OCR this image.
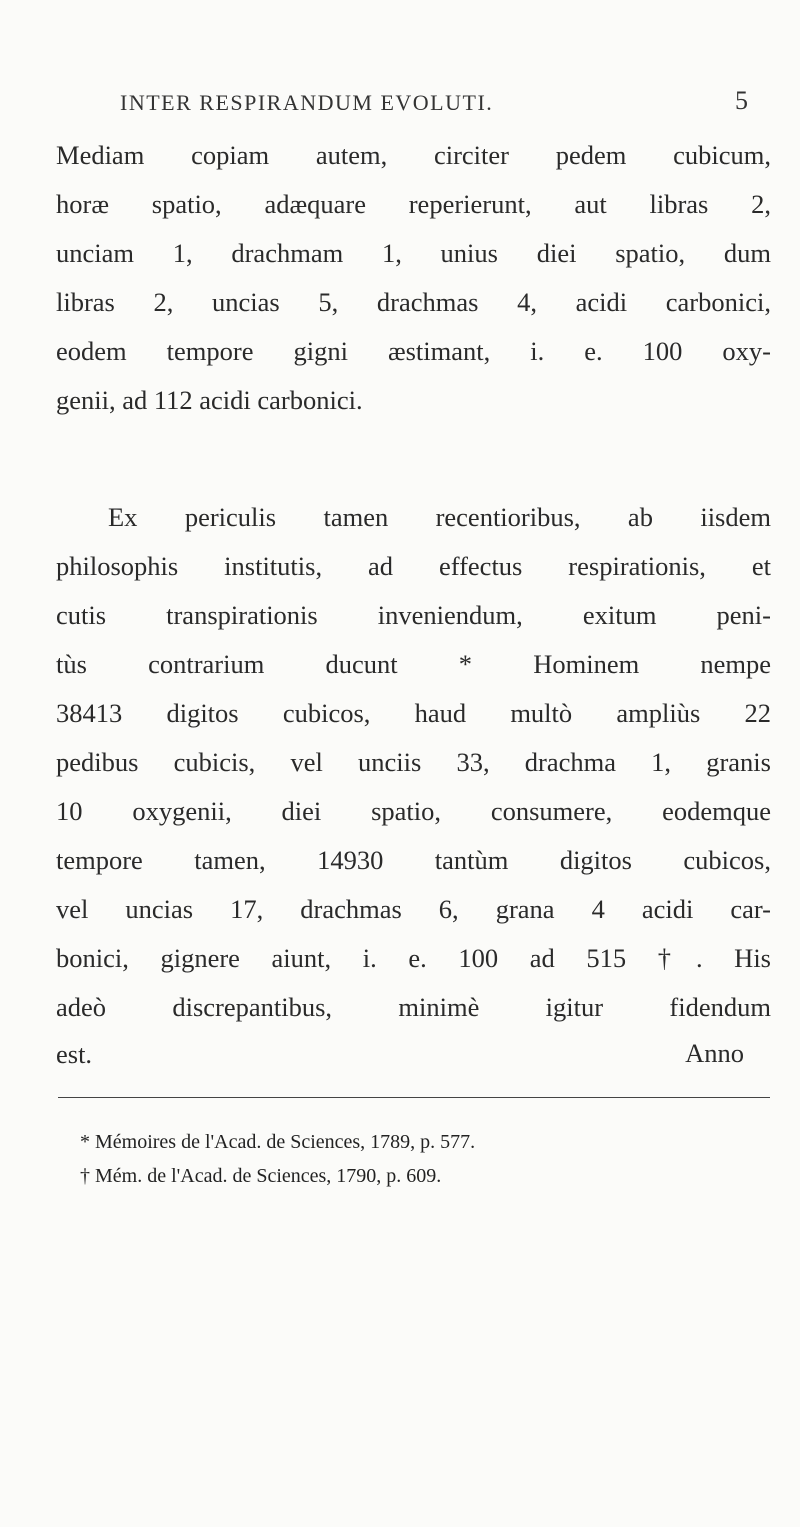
INTER RESPIRANDUM EVOLUTI.	5
Mediam copiam autem, circiter pedem cubicum,
horæ spatio, adæquare reperierunt, aut libras 2,
unciam 1, drachmam 1, unius diei spatio, dum
libras 2, uncias 5, drachmas 4, acidi carbonici,
eodem tempore gigni æstimant, i. e. 100 oxy-
genii, ad 112 acidi carbonici.
Ex periculis tamen recentioribus, ab iisdem
philosophis institutis, ad effectus respirationis, et
cutis transpirationis inveniendum, exitum peni-
tùs contrarium ducunt * Hominem nempe
38413 digitos cubicos, haud multò ampliùs 22
pedibus cubicis, vel unciis 33, drachma 1, granis
10 oxygenii, diei spatio, consumere, eodemque
tempore tamen, 14930 tantùm digitos cubicos,
vel uncias 17, drachmas 6, grana 4 acidi car-
bonici, gignere aiunt, i. e. 100 ad 515 †. His
adeò discrepantibus, minimè igitur fidendum
est.	Anno
* Mémoires de l'Acad. de Sciences, 1789, p. 577.
† Mém. de l'Acad. de Sciences, 1790, p. 609.
